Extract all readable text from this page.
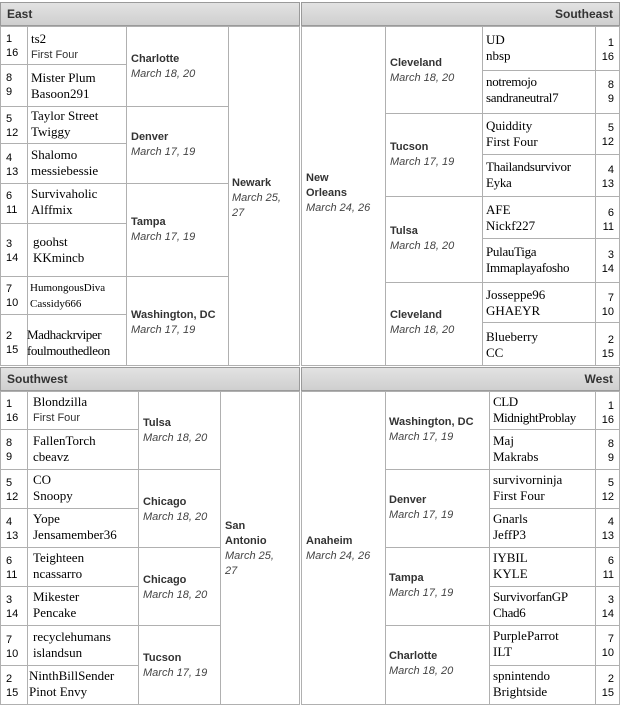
East
1
16
ts2
First Four
8
9
Mister Plum
Basoon291
5
12
Taylor Street
Twiggy
4
13
Shalomo
messiebessie
6
11
Survivaholic
Alffmix
3
14
goohst
KKmincb
7
10
HumongousDiva
Cassidy666
2
15
Madhackrviper
foulmouthedleon
Charlotte
March 18, 20
Denver
March 17, 19
Tampa
March 17, 19
Washington, DC
March 17, 19
Newark
March 25,
27
Southeast
New
Orleans
March 24, 26
Cleveland
March 18, 20
Tucson
March 17, 19
Tulsa
March 18, 20
Cleveland
March 18, 20
UD
nbsp
1
16
notremojo
sandraneutral7
8
9
Quiddity
First Four
5
12
Thailandsurvivor
Eyka
4
13
AFE
Nickf227
6
11
PulauTiga
Immaplayafosho
3
14
Josseppe96
GHAEYR
7
10
Blueberry
CC
2
15
Southwest
1
16
Blondzilla
First Four
8
9
FallenTorch
cbeavz
5
12
CO
Snoopy
4
13
Yope
Jensamember36
6
11
Teighteen
ncassarro
3
14
Mikester
Pencake
7
10
recyclehumans
islandsun
2
15
NinthBillSender
Pinot Envy
Tulsa
March 18, 20
Chicago
March 18, 20
Chicago
March 18, 20
Tucson
March 17, 19
San
Antonio
March 25,
27
West
Anaheim
March 24, 26
Washington, DC
March 17, 19
Denver
March 17, 19
Tampa
March 17, 19
Charlotte
March 18, 20
CLD
MidnightProblay
1
16
Maj
Makrabs
8
9
survivorninja
First Four
5
12
Gnarls
JeffP3
4
13
IYBIL
KYLE
6
11
SurvivorfanGP
Chad6
3
14
PurpleParrot
ILT
7
10
spnintendo
Brightside
2
15
